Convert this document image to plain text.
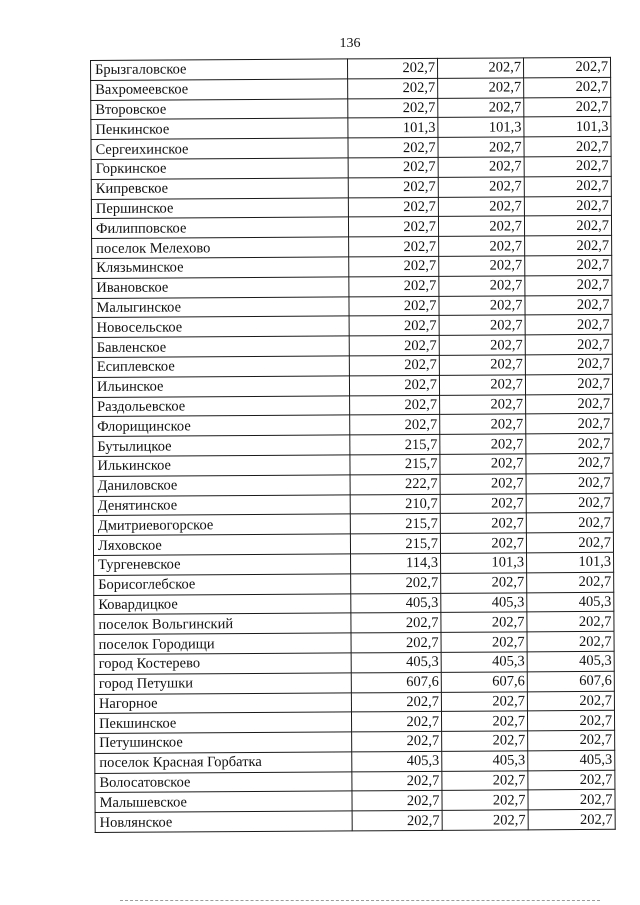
136
Брызгаловское	202,7	202,7	202,7
Вахромеевское	202,7	202,7	202,7
Второвское	202,7	202,7	202,7
Пенкинское	101,3	101,3	101,3
Сергеихинское	202,7	202,7	202,7
Горкинское	202,7	202,7	202,7
Кипревское	202,7	202,7	202,7
Першинское	202,7	202,7	202,7
Филипповское	202,7	202,7	202,7
поселок Мелехово	202,7	202,7	202,7
Клязьминское	202,7	202,7	202,7
Ивановское	202,7	202,7	202,7
Малыгинское	202,7	202,7	202,7
Новосельское	202,7	202,7	202,7
Бавленское	202,7	202,7	202,7
Есиплевское	202,7	202,7	202,7
Ильинское	202,7	202,7	202,7
Раздольевское	202,7	202,7	202,7
Флорищинское	202,7	202,7	202,7
Бутылицкое	215,7	202,7	202,7
Илькинское	215,7	202,7	202,7
Даниловское	222,7	202,7	202,7
Денятинское	210,7	202,7	202,7
Дмитриевогорское	215,7	202,7	202,7
Ляховское	215,7	202,7	202,7
Тургеневское	114,3	101,3	101,3
Борисоглебское	202,7	202,7	202,7
Ковардицкое	405,3	405,3	405,3
поселок Вольгинский	202,7	202,7	202,7
поселок Городищи	202,7	202,7	202,7
город Костерево	405,3	405,3	405,3
город Петушки	607,6	607,6	607,6
Нагорное	202,7	202,7	202,7
Пекшинское	202,7	202,7	202,7
Петушинское	202,7	202,7	202,7
поселок Красная Горбатка	405,3	405,3	405,3
Волосатовское	202,7	202,7	202,7
Малышевское	202,7	202,7	202,7
Новлянское	202,7	202,7	202,7
